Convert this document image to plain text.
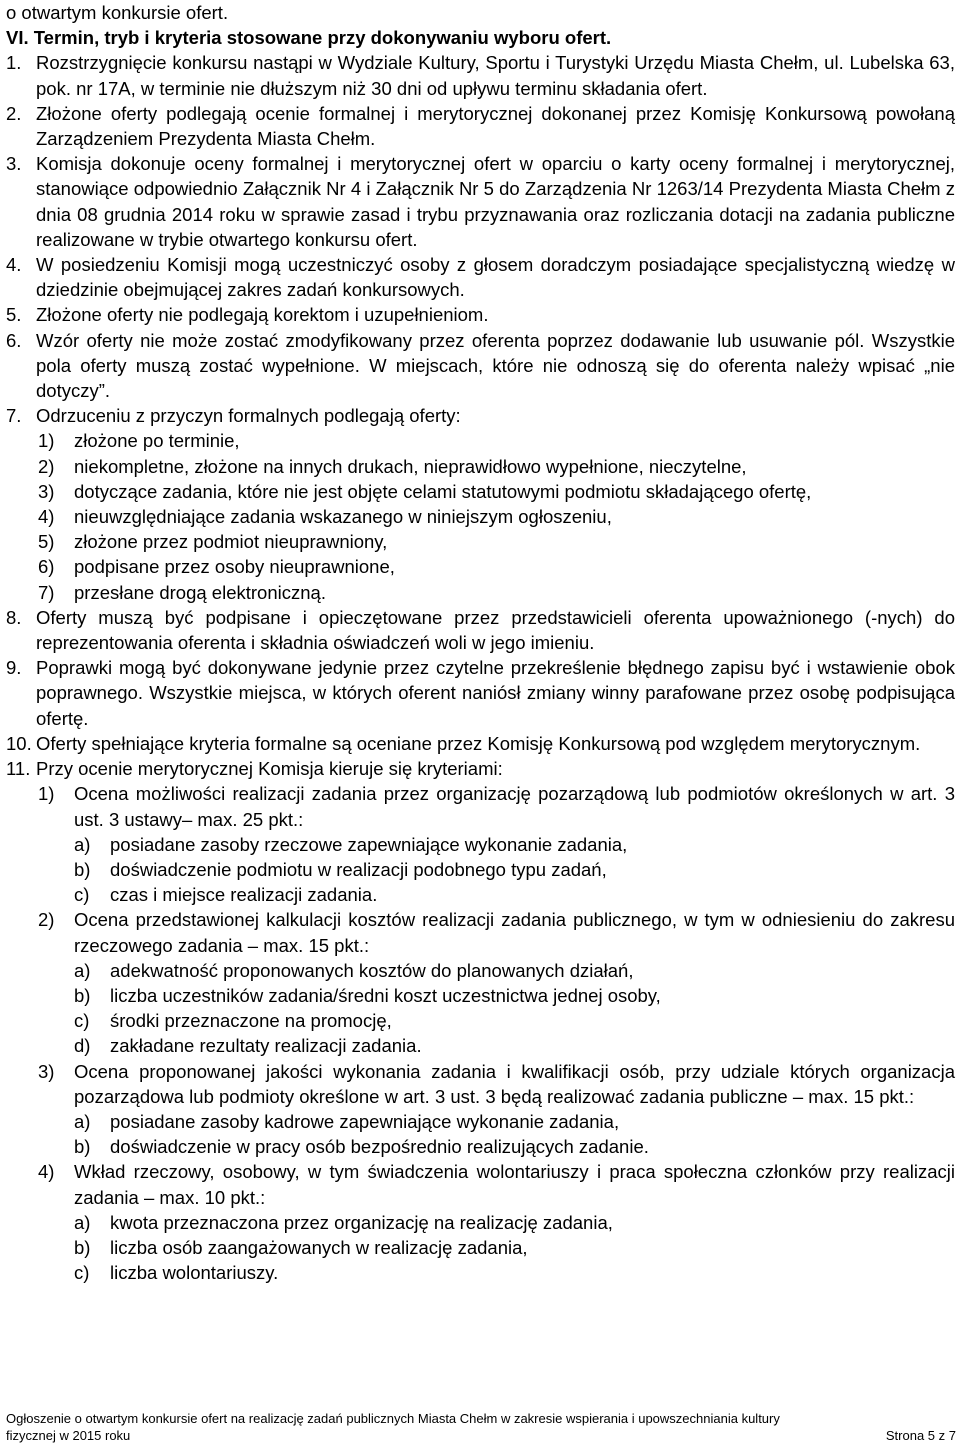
o otwartym konkursie ofert.
VI. Termin, tryb i kryteria stosowane przy dokonywaniu wyboru ofert.
1. Rozstrzygnięcie konkursu nastąpi w Wydziale Kultury, Sportu i Turystyki Urzędu Miasta Chełm, ul. Lubelska 63, pok. nr 17A, w terminie nie dłuższym niż 30 dni od upływu terminu składania ofert.
2. Złożone oferty podlegają ocenie formalnej i merytorycznej dokonanej przez Komisję Konkursową powołaną Zarządzeniem Prezydenta Miasta Chełm.
3. Komisja dokonuje oceny formalnej i merytorycznej ofert w oparciu o karty oceny formalnej i merytorycznej, stanowiące odpowiednio Załącznik Nr 4 i Załącznik Nr 5 do Zarządzenia Nr 1263/14 Prezydenta Miasta Chełm z dnia 08 grudnia 2014 roku w sprawie zasad i trybu przyznawania oraz rozliczania dotacji na zadania publiczne realizowane w trybie otwartego konkursu ofert.
4. W posiedzeniu Komisji mogą uczestniczyć osoby z głosem doradczym posiadające specjalistyczną wiedzę w dziedzinie obejmującej zakres zadań konkursowych.
5. Złożone oferty nie podlegają korektom i uzupełnieniom.
6. Wzór oferty nie może zostać zmodyfikowany przez oferenta poprzez dodawanie lub usuwanie pól. Wszystkie pola oferty muszą zostać wypełnione. W miejscach, które nie odnoszą się do oferenta należy wpisać „nie dotyczy”.
7. Odrzuceniu z przyczyn formalnych podlegają oferty:
1)	złożone po terminie,
2)	niekompletne, złożone na innych drukach, nieprawidłowo wypełnione, nieczytelne,
3)	dotyczące zadania, które nie jest objęte celami statutowymi podmiotu składającego ofertę,
4)	nieuwzględniające zadania wskazanego w niniejszym ogłoszeniu,
5)	złożone przez podmiot nieuprawniony,
6)	podpisane przez osoby nieuprawnione,
7)	przesłane drogą elektroniczną.
8. Oferty muszą być podpisane i opieczętowane przez przedstawicieli oferenta upoważnionego (-nych) do reprezentowania oferenta i składnia oświadczeń woli w jego imieniu.
9. Poprawki mogą być dokonywane jedynie przez czytelne przekreślenie błędnego zapisu być i wstawienie obok poprawnego. Wszystkie miejsca, w których oferent naniósł zmiany winny parafowane przez osobę podpisująca ofertę.
10. Oferty spełniające kryteria formalne są oceniane przez Komisję Konkursową pod względem merytorycznym.
11. Przy ocenie merytorycznej Komisja kieruje się kryteriami:
1)	Ocena możliwości realizacji zadania przez organizację pozarządową lub podmiotów określonych w art. 3 ust. 3 ustawy– max. 25 pkt.:
a)	posiadane zasoby rzeczowe zapewniające wykonanie zadania,
b)	doświadczenie podmiotu w realizacji podobnego typu zadań,
c)	czas i miejsce realizacji zadania.
2)	Ocena przedstawionej kalkulacji kosztów realizacji zadania publicznego, w tym w odniesieniu do zakresu rzeczowego zadania – max. 15 pkt.:
a)	adekwatność proponowanych kosztów do planowanych działań,
b)	liczba uczestników zadania/średni koszt uczestnictwa jednej osoby,
c)	środki przeznaczone na promocję,
d)	zakładane rezultaty realizacji zadania.
3)	Ocena proponowanej jakości wykonania zadania i kwalifikacji osób, przy udziale których organizacja pozarządowa lub podmioty określone w art. 3 ust. 3 będą realizować zadania publiczne – max. 15 pkt.:
a)	posiadane zasoby kadrowe zapewniające wykonanie zadania,
b)	doświadczenie w pracy osób bezpośrednio realizujących zadanie.
4)	Wkład rzeczowy, osobowy, w tym świadczenia wolontariuszy i praca społeczna członków przy realizacji zadania – max. 10 pkt.:
a)	kwota przeznaczona przez organizację na realizację zadania,
b)	liczba osób zaangażowanych w realizację zadania,
c)	liczba wolontariuszy.
Ogłoszenie o otwartym konkursie ofert na realizację zadań publicznych Miasta Chełm w zakresie wspierania i upowszechniania kultury
fizycznej w 2015 roku	Strona 5 z 7
